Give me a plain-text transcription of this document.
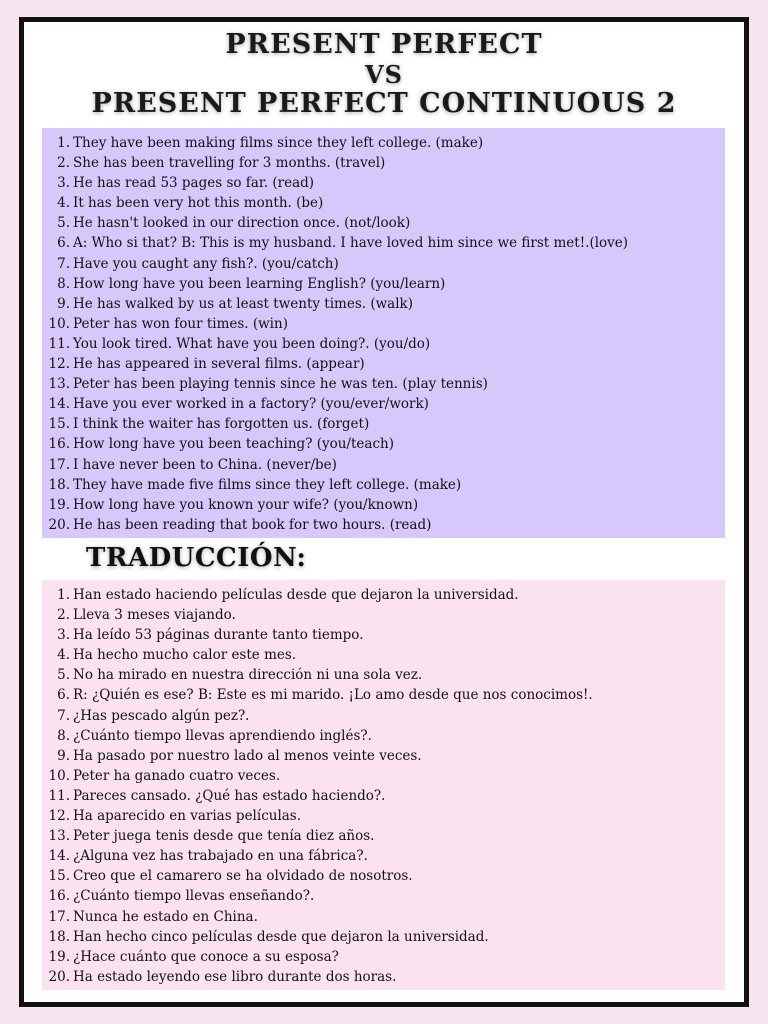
PRESENT PERFECT
VS
PRESENT PERFECT CONTINUOUS 2
1. They have been making films since they left college. (make)
2. She has been travelling for 3 months. (travel)
3. He has read 53 pages so far. (read)
4. It has been very hot this month. (be)
5. He hasn't looked in our direction once. (not/look)
6. A: Who si that? B: This is my husband. I have loved him since we first met!.(love)
7. Have you caught any fish?. (you/catch)
8. How long have you been learning English? (you/learn)
9. He has walked by us at least twenty times. (walk)
10. Peter has won four times. (win)
11. You look tired. What have you been doing?. (you/do)
12. He has appeared in several films. (appear)
13. Peter has been playing tennis since he was ten. (play tennis)
14. Have you ever worked in a factory? (you/ever/work)
15. I think the waiter has forgotten us. (forget)
16. How long have you been teaching? (you/teach)
17. I have never been to China. (never/be)
18. They have made five films since they left college. (make)
19. How long have you known your wife? (you/known)
20. He has been reading that book for two hours. (read)
TRADUCCIÓN:
1. Han estado haciendo películas desde que dejaron la universidad.
2. Lleva 3 meses viajando.
3. Ha leído 53 páginas durante tanto tiempo.
4. Ha hecho mucho calor este mes.
5. No ha mirado en nuestra dirección ni una sola vez.
6. R: ¿Quién es ese? B: Este es mi marido. ¡Lo amo desde que nos conocimos!.
7. ¿Has pescado algún pez?.
8. ¿Cuánto tiempo llevas aprendiendo inglés?.
9. Ha pasado por nuestro lado al menos veinte veces.
10. Peter ha ganado cuatro veces.
11. Pareces cansado. ¿Qué has estado haciendo?.
12. Ha aparecido en varias películas.
13. Peter juega tenis desde que tenía diez años.
14. ¿Alguna vez has trabajado en una fábrica?.
15. Creo que el camarero se ha olvidado de nosotros.
16. ¿Cuánto tiempo llevas enseñando?.
17. Nunca he estado en China.
18. Han hecho cinco películas desde que dejaron la universidad.
19. ¿Hace cuánto que conoce a su esposa?
20. Ha estado leyendo ese libro durante dos horas.
